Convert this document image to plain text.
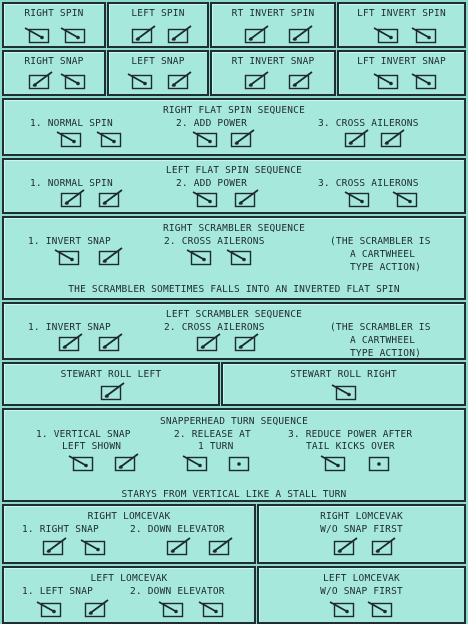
RIGHT SPIN	LEFT SPIN	RT INVERT SPIN	LFT INVERT SPIN
RIGHT SNAP	LEFT SNAP	RT INVERT SNAP	LFT INVERT SNAP
RIGHT FLAT SPIN SEQUENCE
1. NORMAL SPIN	2. ADD POWER	3. CROSS AILERONS
LEFT FLAT SPIN SEQUENCE
1. NORMAL SPIN	2. ADD POWER	3. CROSS AILERONS
RIGHT SCRAMBLER SEQUENCE
1. INVERT SNAP	2. CROSS AILERONS	(THE SCRAMBLER IS
A CARTWHEEL
TYPE ACTION)
THE SCRAMBLER SOMETIMES FALLS INTO AN INVERTED FLAT SPIN
LEFT SCRAMBLER SEQUENCE
1. INVERT SNAP	2. CROSS AILERONS	(THE SCRAMBLER IS
A CARTWHEEL
TYPE ACTION)
STEWART ROLL LEFT	STEWART ROLL RIGHT
SNAPPERHEAD TURN SEQUENCE
1. VERTICAL SNAP
LEFT SHOWN
2. RELEASE AT
1 TURN
3. REDUCE POWER AFTER
TAIL KICKS OVER
STARYS FROM VERTICAL LIKE A STALL TURN
RIGHT LOMCEVAK
1. RIGHT SNAP	2. DOWN ELEVATOR
RIGHT LOMCEVAK
W/O SNAP FIRST
LEFT LOMCEVAK
1. LEFT SNAP	2. DOWN ELEVATOR
LEFT LOMCEVAK
W/O SNAP FIRST
